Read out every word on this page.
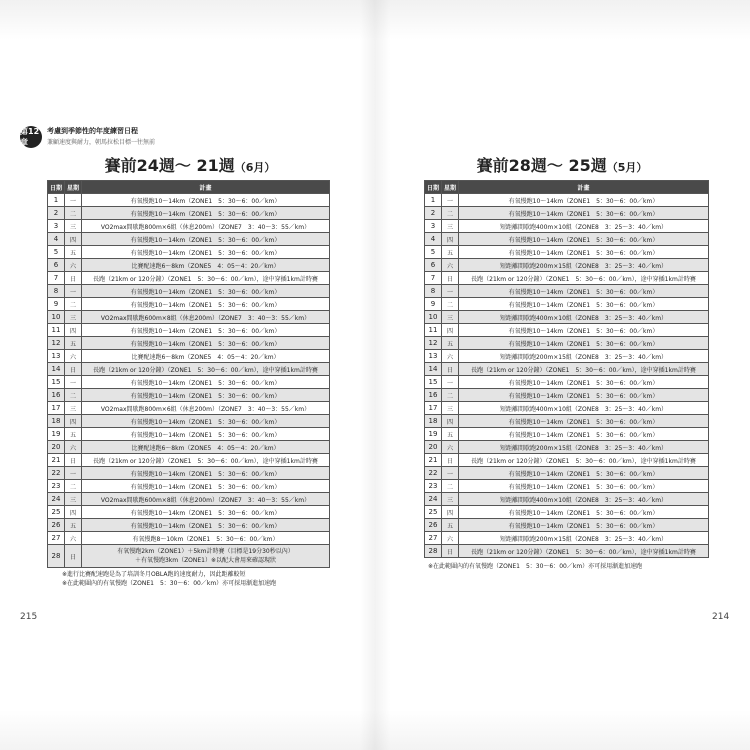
第12章
考慮到季節性的年度練習日程
兼顧速度與耐力，朝馬拉松目標一往無前
賽前24週～ 21週（6月）
日期	星期	計畫
1	一	有氧慢跑10～14km（ZONE1　5：30～6：00／km）
2	二	有氧慢跑10～14km（ZONE1　5：30～6：00／km）
3	三	VO2max間歇跑800m×6組（休息200m）（ZONE7　3：40～3：55／km）
4	四	有氧慢跑10～14km（ZONE1　5：30～6：00／km）
5	五	有氧慢跑10～14km（ZONE1　5：30～6：00／km）
6	六	比賽配速跑6～8km（ZONE5　4：05～4：20／km）
7	日	長跑（21km or 120分鐘）（ZONE1　5：30～6：00／km），途中穿插1km計時賽
8	一	有氧慢跑10～14km（ZONE1　5：30～6：00／km）
9	二	有氧慢跑10～14km（ZONE1　5：30～6：00／km）
10	三	VO2max間歇跑600m×8組（休息200m）（ZONE7　3：40～3：55／km）
11	四	有氧慢跑10～14km（ZONE1　5：30～6：00／km）
12	五	有氧慢跑10～14km（ZONE1　5：30～6：00／km）
13	六	比賽配速跑6～8km（ZONE5　4：05～4：20／km）
14	日	長跑（21km or 120分鐘）（ZONE1　5：30～6：00／km），途中穿插1km計時賽
15	一	有氧慢跑10～14km（ZONE1　5：30～6：00／km）
16	二	有氧慢跑10～14km（ZONE1　5：30～6：00／km）
17	三	VO2max間歇跑800m×6組（休息200m）（ZONE7　3：40～3：55／km）
18	四	有氧慢跑10～14km（ZONE1　5：30～6：00／km）
19	五	有氧慢跑10～14km（ZONE1　5：30～6：00／km）
20	六	比賽配速跑6～8km（ZONE5　4：05～4：20／km）
21	日	長跑（21km or 120分鐘）（ZONE1　5：30～6：00／km），途中穿插1km計時賽
22	一	有氧慢跑10～14km（ZONE1　5：30～6：00／km）
23	二	有氧慢跑10～14km（ZONE1　5：30～6：00／km）
24	三	VO2max間歇跑600m×8組（休息200m）（ZONE7　3：40～3：55／km）
25	四	有氧慢跑10～14km（ZONE1　5：30～6：00／km）
26	五	有氧慢跑10～14km（ZONE1　5：30～6：00／km）
27	六	有氧慢跑8～10km（ZONE1　5：30～6：00／km）
28	日	有氧慢跑2km（ZONE1）＋5km計時賽（目標是19分30秒以內）
＋有氧慢跑3km（ZONE1）※以配大會用來確認現狀
※進行比賽配速跑是為了培訓冬月OBLA跑的速度耐力，因此距離較短
※在此範圍內的有氧慢跑（ZONE1　5：30～6：00／km）亦可採用漸進加速跑
215
賽前28週～ 25週（5月）
日期	星期	計畫
1	一	有氧慢跑10～14km（ZONE1　5：30～6：00／km）
2	二	有氧慢跑10～14km（ZONE1　5：30～6：00／km）
3	三	短距離間歇跑400m×10組（ZONE8　3：25～3：40／km）
4	四	有氧慢跑10～14km（ZONE1　5：30～6：00／km）
5	五	有氧慢跑10～14km（ZONE1　5：30～6：00／km）
6	六	短距離間歇跑200m×15組（ZONE8　3：25～3：40／km）
7	日	長跑（21km or 120分鐘）（ZONE1　5：30～6：00／km），途中穿插1km計時賽
8	一	有氧慢跑10～14km（ZONE1　5：30～6：00／km）
9	二	有氧慢跑10～14km（ZONE1　5：30～6：00／km）
10	三	短距離間歇跑400m×10組（ZONE8　3：25～3：40／km）
11	四	有氧慢跑10～14km（ZONE1　5：30～6：00／km）
12	五	有氧慢跑10～14km（ZONE1　5：30～6：00／km）
13	六	短距離間歇跑200m×15組（ZONE8　3：25～3：40／km）
14	日	長跑（21km or 120分鐘）（ZONE1　5：30～6：00／km），途中穿插1km計時賽
15	一	有氧慢跑10～14km（ZONE1　5：30～6：00／km）
16	二	有氧慢跑10～14km（ZONE1　5：30～6：00／km）
17	三	短距離間歇跑400m×10組（ZONE8　3：25～3：40／km）
18	四	有氧慢跑10～14km（ZONE1　5：30～6：00／km）
19	五	有氧慢跑10～14km（ZONE1　5：30～6：00／km）
20	六	短距離間歇跑200m×15組（ZONE8　3：25～3：40／km）
21	日	長跑（21km or 120分鐘）（ZONE1　5：30～6：00／km），途中穿插1km計時賽
22	一	有氧慢跑10～14km（ZONE1　5：30～6：00／km）
23	二	有氧慢跑10～14km（ZONE1　5：30～6：00／km）
24	三	短距離間歇跑400m×10組（ZONE8　3：25～3：40／km）
25	四	有氧慢跑10～14km（ZONE1　5：30～6：00／km）
26	五	有氧慢跑10～14km（ZONE1　5：30～6：00／km）
27	六	短距離間歇跑200m×15組（ZONE8　3：25～3：40／km）
28	日	長跑（21km or 120分鐘）（ZONE1　5：30～6：00／km），途中穿插1km計時賽
※在此範圍內的有氧慢跑（ZONE1　5：30～6：00／km）亦可採用漸進加速跑
214
